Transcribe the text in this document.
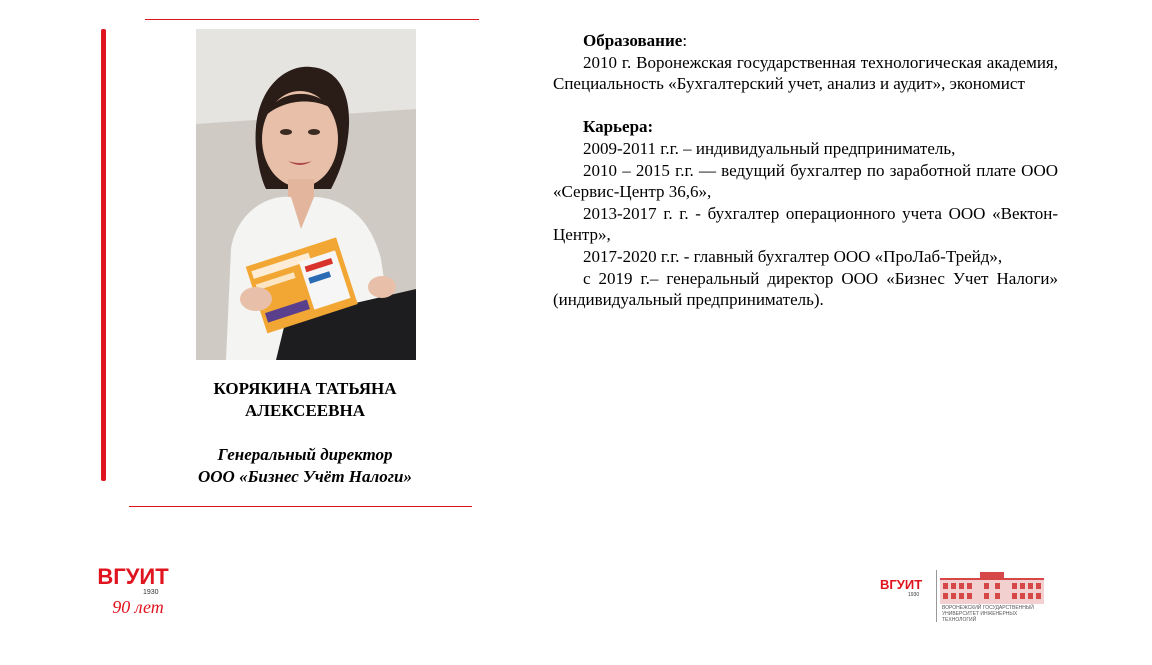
КОРЯКИНА ТАТЬЯНА
АЛЕКСЕЕВНА
Генеральный директор
ООО «Бизнес Учёт Налоги»

Образование:

2010 г. Воронежская государственная технологическая академия, Специальность «Бухгалтерский учет, анализ и аудит», экономист

Карьера:

2009-2011 г.г. – индивидуальный предприниматель,

2010 – 2015 г.г. — ведущий бухгалтер по заработной плате ООО «Сервис-Центр 36,6»,

2013-2017 г. г. - бухгалтер операционного учета ООО «Вектон-Центр»,

2017-2020 г.г. - главный бухгалтер ООО «ПроЛаб-Трейд»,

с 2019 г.– генеральный директор ООО «Бизнес Учет Налоги» (индивидуальный предприниматель).

ВГУИТ
1930
90 лет
ВГУИТ
1930
ВОРОНЕЖСКИЙ ГОСУДАРСТВЕННЫЙ
УНИВЕРСИТЕТ ИНЖЕНЕРНЫХ
ТЕХНОЛОГИЙ
